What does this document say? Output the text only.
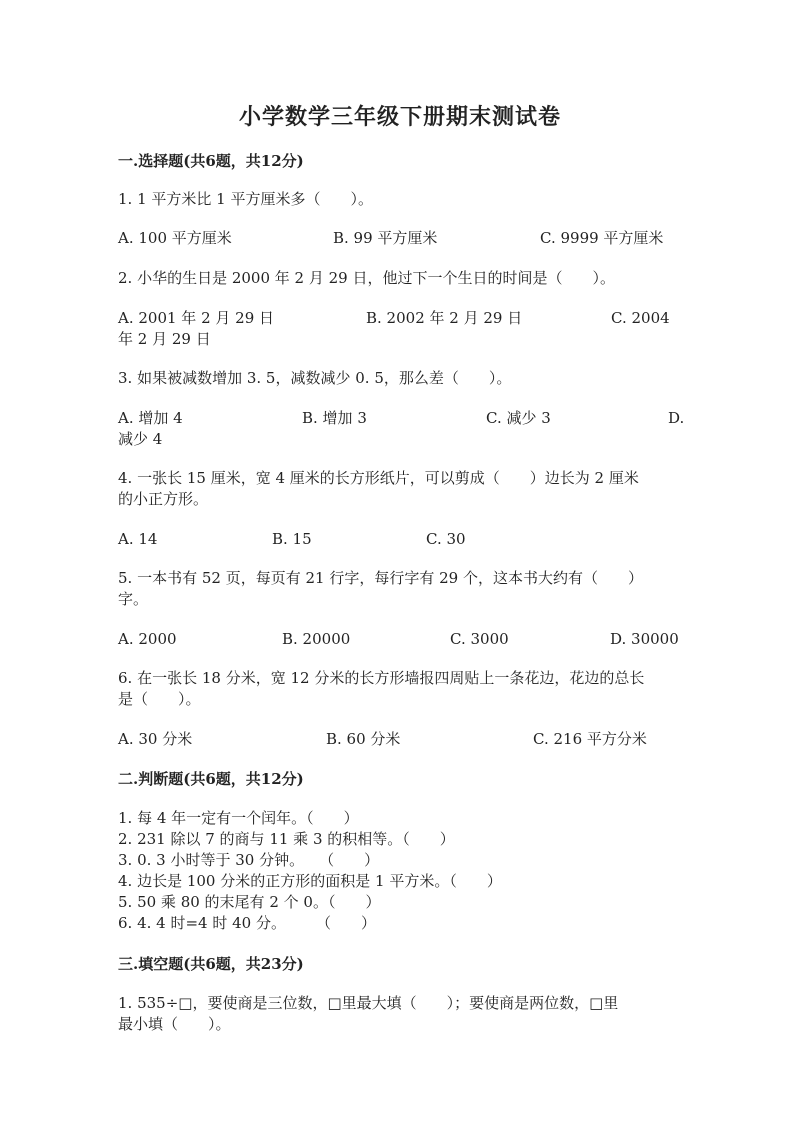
小学数学三年级下册期末测试卷
一.选择题(共6题，共12分)
1. 1 平方米比 1 平方厘米多（　　）。
A. 100 平方厘米	B. 99 平方厘米	C. 9999 平方厘米
2. 小华的生日是 2000 年 2 月 29 日，他过下一个生日的时间是（　　）。
A. 2001 年 2 月 29 日	B. 2002 年 2 月 29 日	C. 2004
年 2 月 29 日
3. 如果被减数增加 3. 5，减数减少 0. 5，那么差（　　）。
A. 增加 4	B. 增加 3	C. 减少 3	D.
减少 4
4. 一张长 15 厘米，宽 4 厘米的长方形纸片，可以剪成（　　）边长为 2 厘米
的小正方形。
A. 14	B. 15	C. 30
5. 一本书有 52 页，每页有 21 行字，每行字有 29 个，这本书大约有（　　）
字。
A. 2000	B. 20000	C. 3000	D. 30000
6. 在一张长 18 分米，宽 12 分米的长方形墙报四周贴上一条花边，花边的总长
是（　　）。
A. 30 分米	B. 60 分米	C. 216 平方分米
二.判断题(共6题，共12分)
1. 每 4 年一定有一个闰年。（　　）
2. 231 除以 7 的商与 11 乘 3 的积相等。（　　）
3. 0. 3 小时等于 30 分钟。　　（　　）
4. 边长是 100 分米的正方形的面积是 1 平方米。（　　）
5. 50 乘 80 的末尾有 2 个 0。（　　）
6. 4. 4 时=4 时 40 分。　　　（　　）
三.填空题(共6题，共23分)
1. 535÷□，要使商是三位数，□里最大填（　　）；要使商是两位数，□里
最小填（　　）。
